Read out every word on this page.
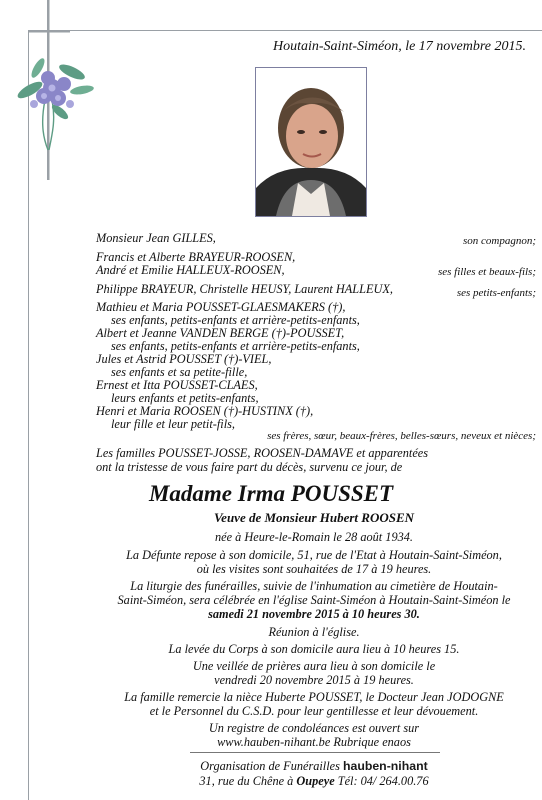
Houtain-Saint-Siméon, le 17 novembre 2015.
Monsieur Jean GILLES,	son compagnon;
Francis et Alberte BRAYEUR-ROOSEN,
André et Emilie HALLEUX-ROOSEN,	ses filles et beaux-fils;
Philippe BRAYEUR, Christelle HEUSY, Laurent HALLEUX,	ses petits-enfants;
Mathieu et Maria POUSSET-GLAESMAKERS (†),
ses enfants, petits-enfants et arrière-petits-enfants,
Albert et Jeanne VANDEN BERGE (†)-POUSSET,
ses enfants, petits-enfants et arrière-petits-enfants,
Jules et Astrid POUSSET (†)-VIEL,
ses enfants et sa petite-fille,
Ernest et Itta POUSSET-CLAES,
leurs enfants et petits-enfants,
Henri et Maria ROOSEN (†)-HUSTINX (†),
leur fille et leur petit-fils,
ses frères, sœur, beaux-frères, belles-sœurs, neveux et nièces;
Les familles POUSSET-JOSSE, ROOSEN-DAMAVE et apparentées
ont la tristesse de vous faire part du décès, survenu ce jour, de
Madame Irma POUSSET
Veuve de Monsieur Hubert ROOSEN
née à Heure-le-Romain le 28 août 1934.
La Défunte repose à son domicile, 51, rue de l'Etat à Houtain-Saint-Siméon,
où les visites sont souhaitées de 17 à 19 heures.
La liturgie des funérailles, suivie de l'inhumation au cimetière de Houtain-
Saint-Siméon, sera célébrée en l'église Saint-Siméon à Houtain-Saint-Siméon le
samedi 21 novembre 2015 à 10 heures 30.
Réunion à l'église.
La levée du Corps à son domicile aura lieu à 10 heures 15.
Une veillée de prières aura lieu à son domicile le
vendredi 20 novembre 2015 à 19 heures.
La famille remercie la nièce Huberte POUSSET, le Docteur Jean JODOGNE
et le Personnel du C.S.D. pour leur gentillesse et leur dévouement.
Un registre de condoléances est ouvert sur
www.hauben-nihant.be Rubrique enaos
Organisation de Funérailles hauben-nihant
31, rue du Chêne à Oupeye Tél: 04/ 264.00.76
